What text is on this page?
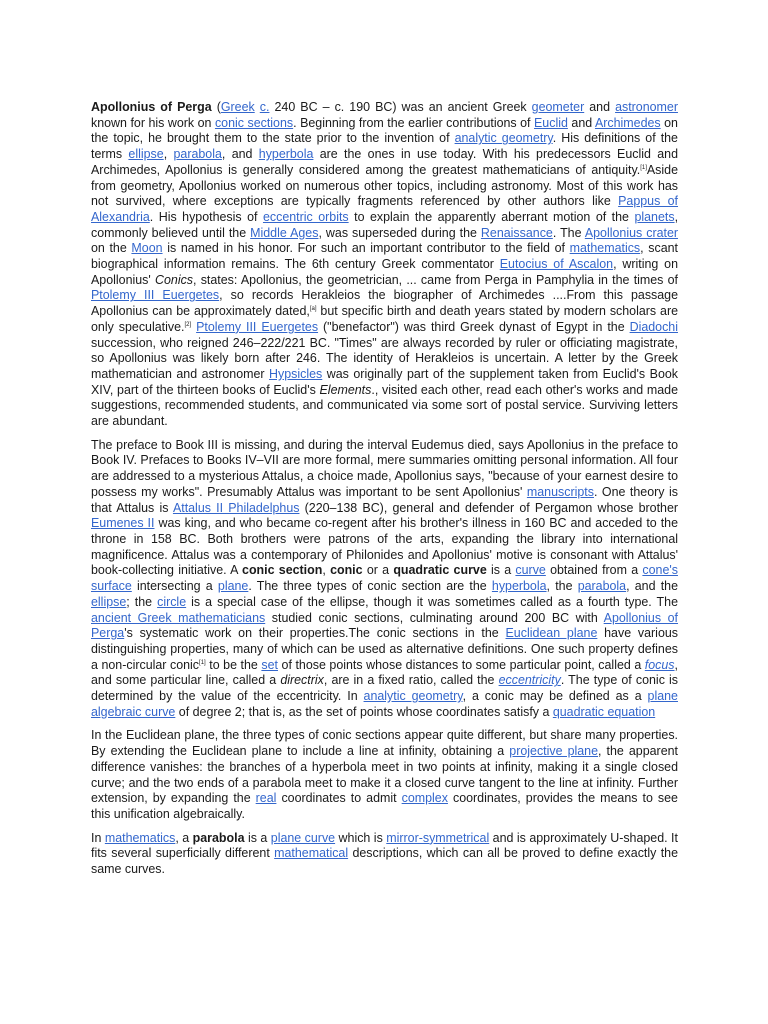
Apollonius of Perga (Greek c. 240 BC – c. 190 BC) was an ancient Greek geometer and astronomer known for his work on conic sections. Beginning from the earlier contributions of Euclid and Archimedes on the topic, he brought them to the state prior to the invention of analytic geometry. His definitions of the terms ellipse, parabola, and hyperbola are the ones in use today. With his predecessors Euclid and Archimedes, Apollonius is generally considered among the greatest mathematicians of antiquity.[1]Aside from geometry, Apollonius worked on numerous other topics, including astronomy. Most of this work has not survived, where exceptions are typically fragments referenced by other authors like Pappus of Alexandria. His hypothesis of eccentric orbits to explain the apparently aberrant motion of the planets, commonly believed until the Middle Ages, was superseded during the Renaissance. The Apollonius crater on the Moon is named in his honor. For such an important contributor to the field of mathematics, scant biographical information remains. The 6th century Greek commentator Eutocius of Ascalon, writing on Apollonius' Conics, states: Apollonius, the geometrician, ... came from Perga in Pamphylia in the times of Ptolemy III Euergetes, so records Herakleios the biographer of Archimedes ....From this passage Apollonius can be approximately dated,[a] but specific birth and death years stated by modern scholars are only speculative.[2] Ptolemy III Euergetes ("benefactor") was third Greek dynast of Egypt in the Diadochi succession, who reigned 246–222/221 BC. "Times" are always recorded by ruler or officiating magistrate, so Apollonius was likely born after 246. The identity of Herakleios is uncertain. A letter by the Greek mathematician and astronomer Hypsicles was originally part of the supplement taken from Euclid's Book XIV, part of the thirteen books of Euclid's Elements., visited each other, read each other's works and made suggestions, recommended students, and communicated via some sort of postal service. Surviving letters are abundant.

The preface to Book III is missing, and during the interval Eudemus died, says Apollonius in the preface to Book IV. Prefaces to Books IV–VII are more formal, mere summaries omitting personal information. All four are addressed to a mysterious Attalus, a choice made, Apollonius says, "because of your earnest desire to possess my works". Presumably Attalus was important to be sent Apollonius' manuscripts. One theory is that Attalus is Attalus II Philadelphus (220–138 BC), general and defender of Pergamon whose brother Eumenes II was king, and who became co-regent after his brother's illness in 160 BC and acceded to the throne in 158 BC. Both brothers were patrons of the arts, expanding the library into international magnificence. Attalus was a contemporary of Philonides and Apollonius' motive is consonant with Attalus' book-collecting initiative. A conic section, conic or a quadratic curve is a curve obtained from a cone's surface intersecting a plane. The three types of conic section are the hyperbola, the parabola, and the ellipse; the circle is a special case of the ellipse, though it was sometimes called as a fourth type. The ancient Greek mathematicians studied conic sections, culminating around 200 BC with Apollonius of Perga's systematic work on their properties.The conic sections in the Euclidean plane have various distinguishing properties, many of which can be used as alternative definitions. One such property defines a non-circular conic[1] to be the set of those points whose distances to some particular point, called a focus, and some particular line, called a directrix, are in a fixed ratio, called the eccentricity. The type of conic is determined by the value of the eccentricity. In analytic geometry, a conic may be defined as a plane algebraic curve of degree 2; that is, as the set of points whose coordinates satisfy a quadratic equation

In the Euclidean plane, the three types of conic sections appear quite different, but share many properties. By extending the Euclidean plane to include a line at infinity, obtaining a projective plane, the apparent difference vanishes: the branches of a hyperbola meet in two points at infinity, making it a single closed curve; and the two ends of a parabola meet to make it a closed curve tangent to the line at infinity. Further extension, by expanding the real coordinates to admit complex coordinates, provides the means to see this unification algebraically.

In mathematics, a parabola is a plane curve which is mirror-symmetrical and is approximately U-shaped. It fits several superficially different mathematical descriptions, which can all be proved to define exactly the same curves.
